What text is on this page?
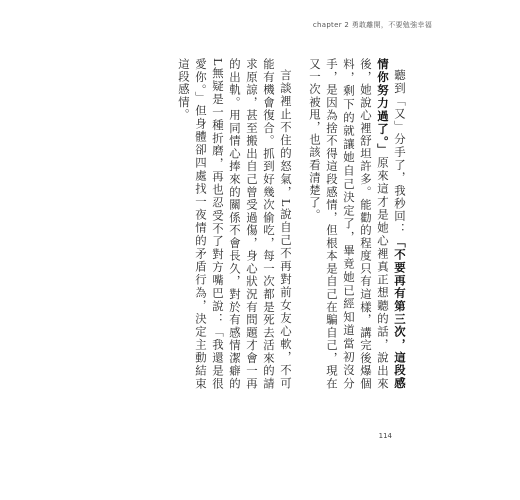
chapter 2 勇敢離開，不要勉強幸福

聽到「又」分手了，我秒回：「不要再有第三次，這段感情你努力過了。」原來這才是她心裡真正想聽的話，說出來後，她說心裡舒坦許多。能勸的程度只有這樣，講完後爆個料，剩下的就讓她自己決定了，畢竟她已經知道當初沒分手，是因為捨不得這段感情，但根本是自己在騙自己，現在又一次被甩，也該看清楚了。

言談裡止不住的怒氣，L說自己不再對前女友心軟，不可能有機會復合。抓到好幾次偷吃，每一次都是死去活來的請求原諒，甚至搬出自己曾受過傷，身心狀況有問題才會一再的出軌。用同情心捧來的關係不會長久，對於有感情潔癖的L無疑是一種折磨，再也忍受不了對方嘴巴說：「我還是很愛你。」但身體卻四處找一夜情的矛盾行為，決定主動結束這段感情。

114
